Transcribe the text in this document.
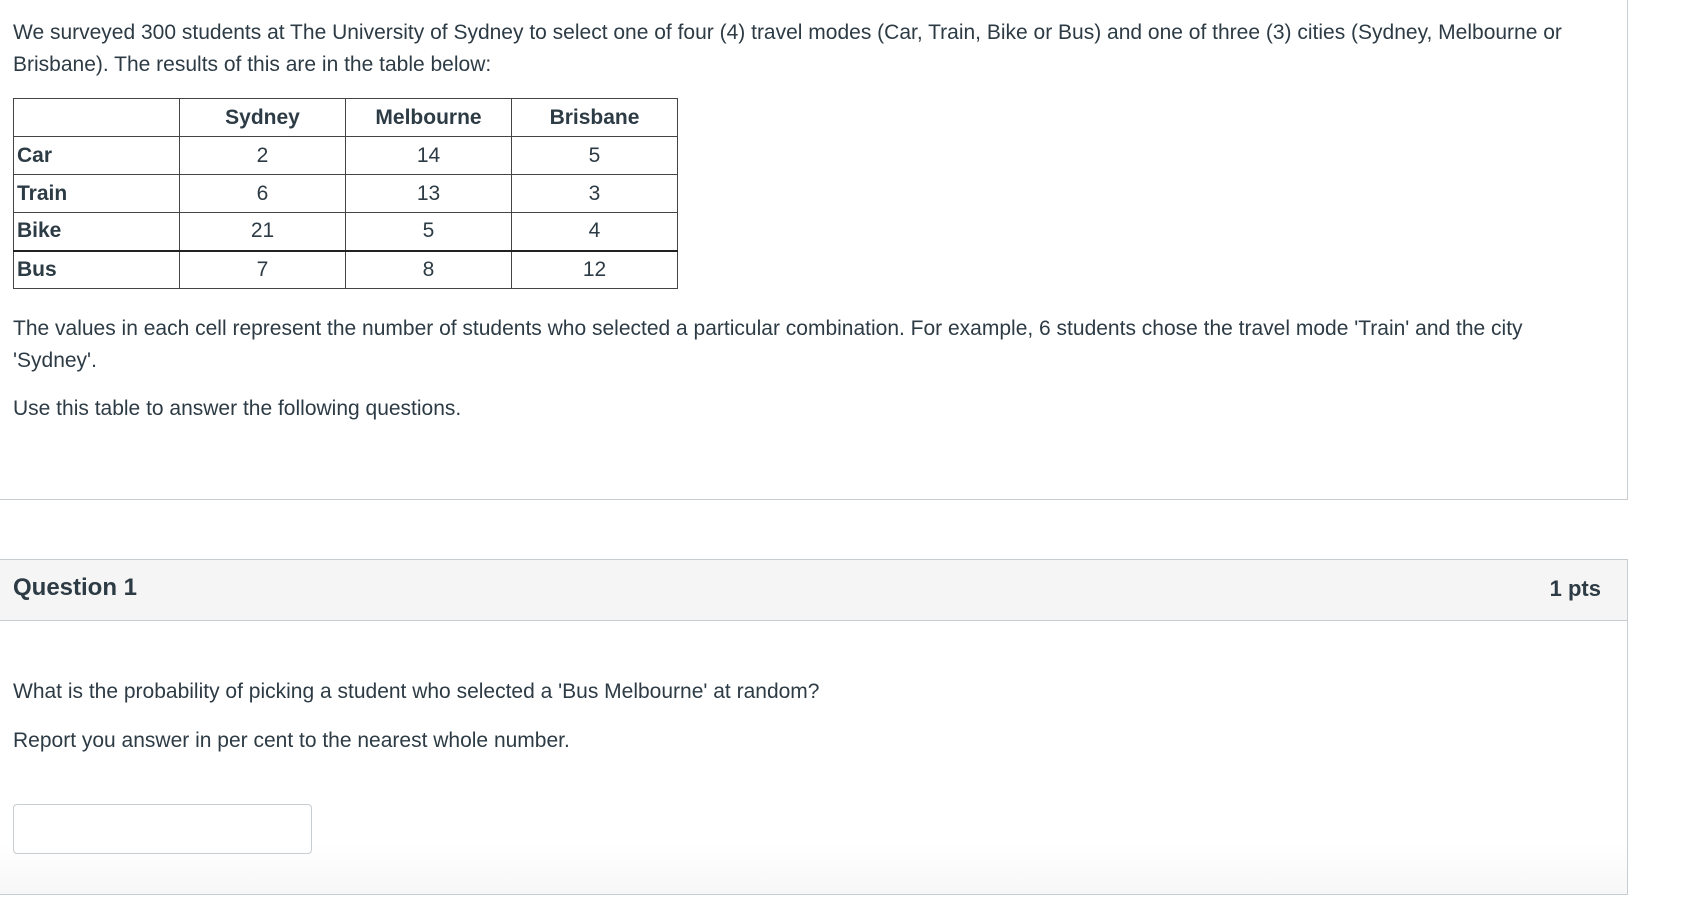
We surveyed 300 students at The University of Sydney to select one of four (4) travel modes (Car, Train, Bike or Bus) and one of three (3) cities (Sydney, Melbourne or Brisbane). The results of this are in the table below:

	Sydney	Melbourne	Brisbane
Car	2	14	5
Train	6	13	3
Bike	21	5	4
Bus	7	8	12

The values in each cell represent the number of students who selected a particular combination. For example, 6 students chose the travel mode 'Train' and the city 'Sydney'.

Use this table to answer the following questions.

Question 1	1 pts

What is the probability of picking a student who selected a 'Bus Melbourne' at random?

Report you answer in per cent to the nearest whole number.
